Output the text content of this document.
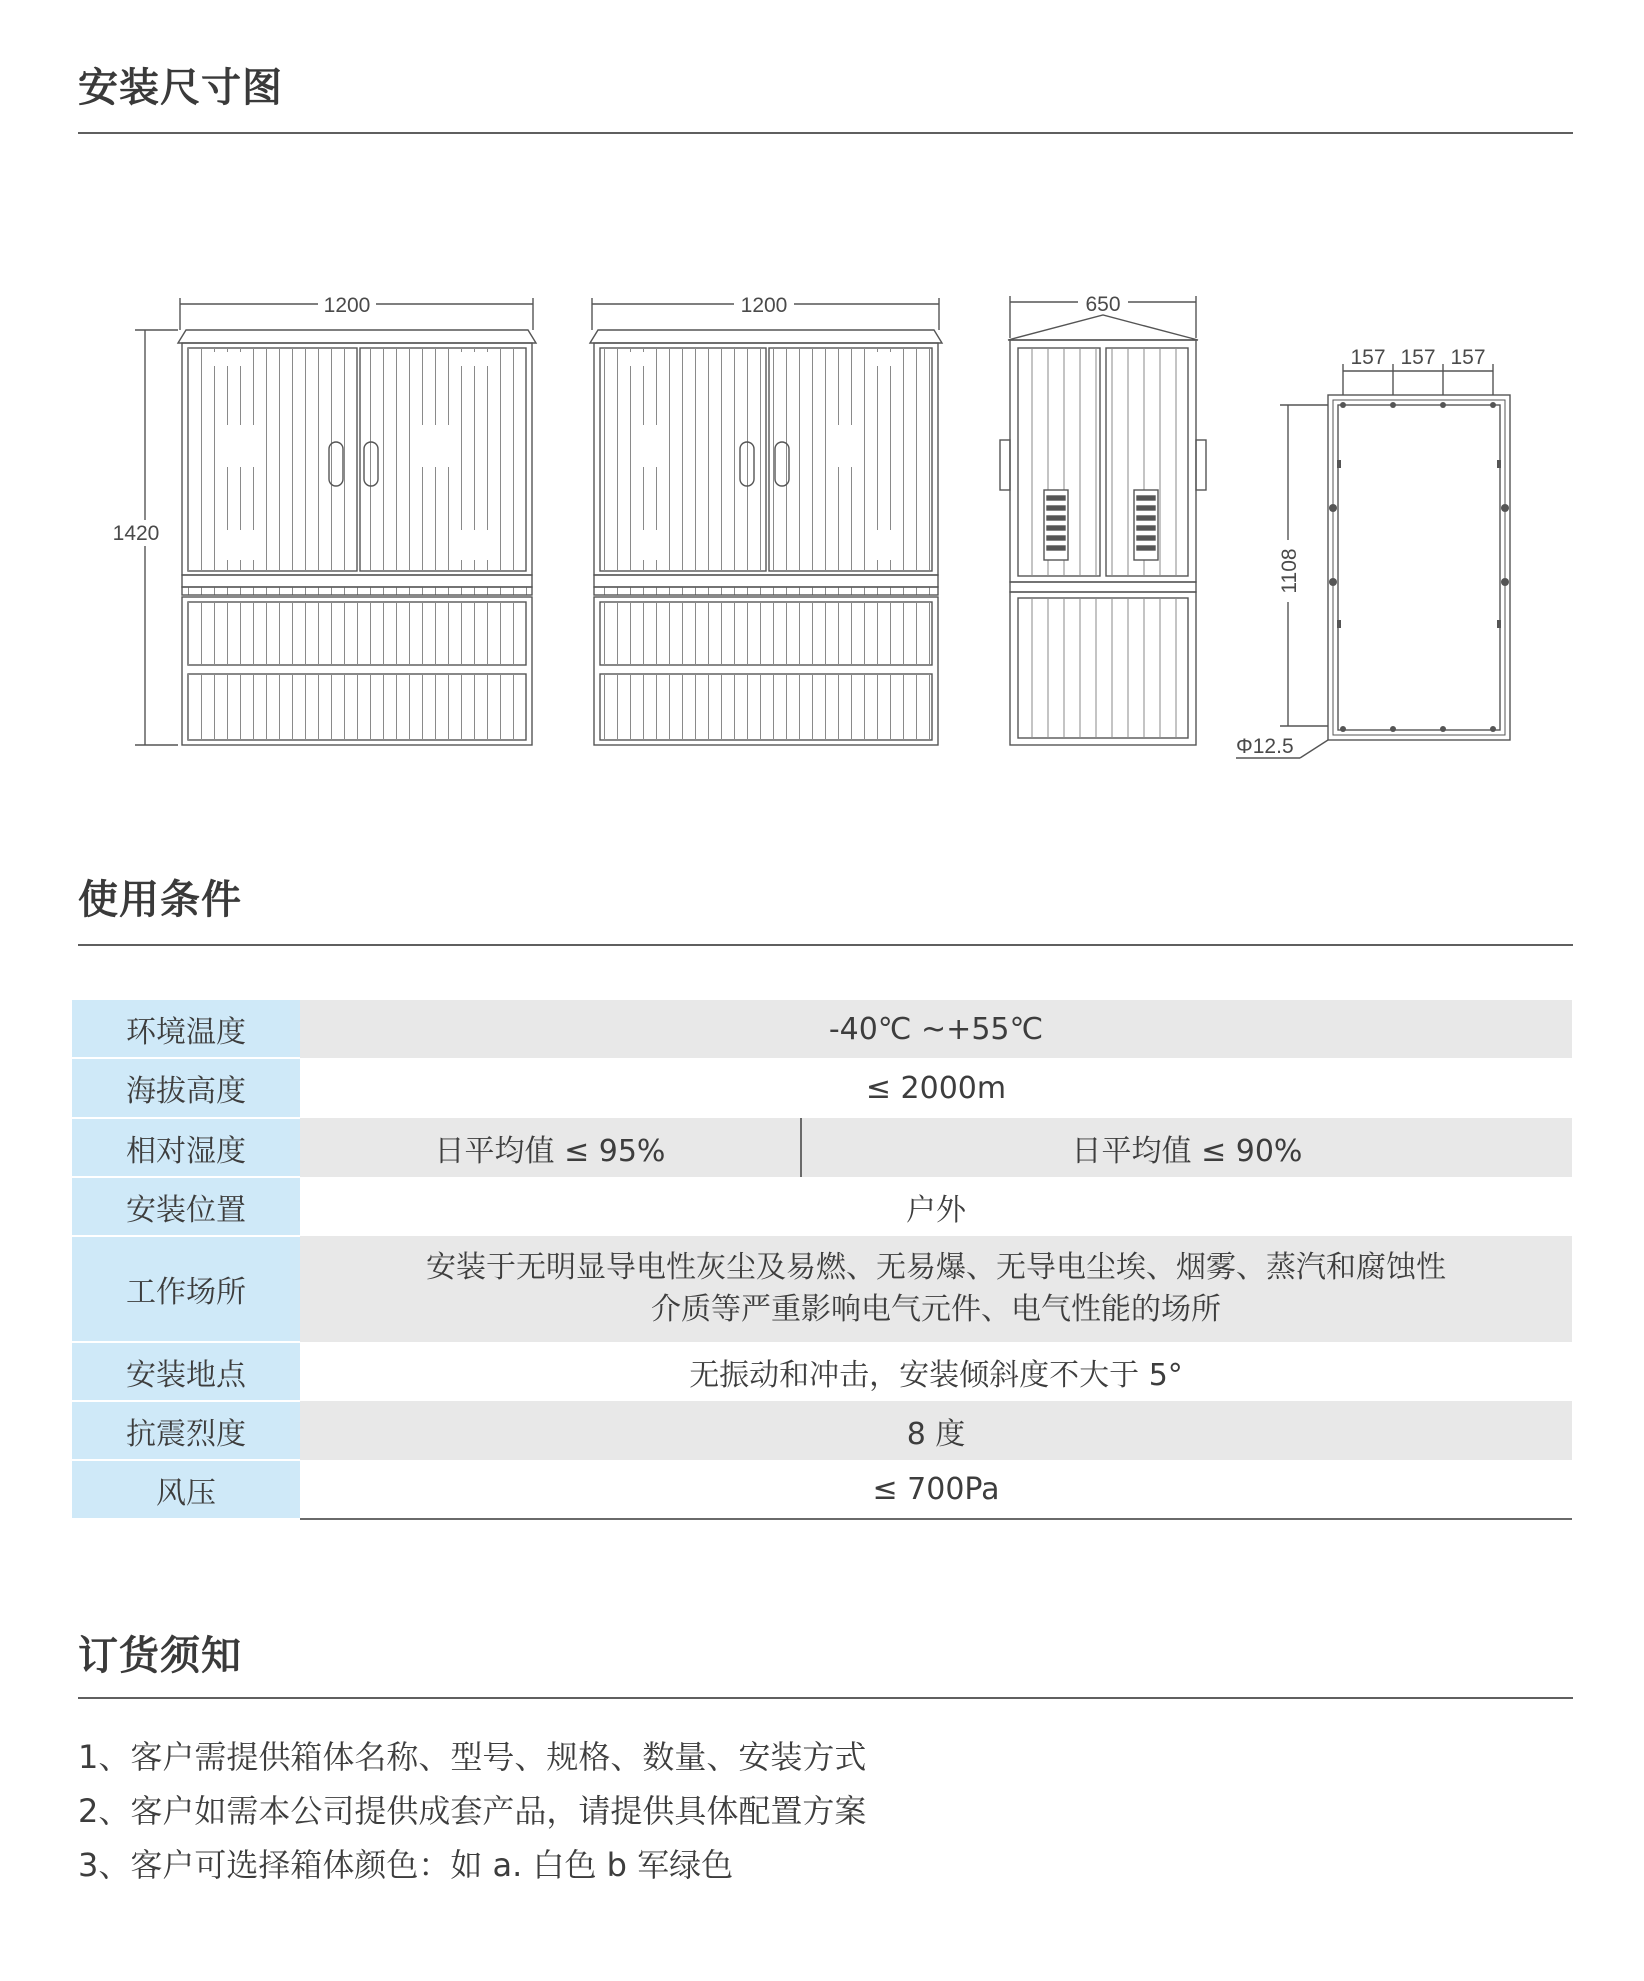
安装尺寸图
1200
1420
1200	650
157 157 157
1108
Φ12.5
使用条件
环境温度	-40℃ ~+55℃	
海拔高度	≤ 2000m	
相对湿度	日平均值 ≤ 95%	日平均值 ≤ 90%
安装位置	户外	
工作场所	安装于无明显导电性灰尘及易燃、无易爆、无导电尘埃、烟雾、蒸汽和腐蚀性
介质等严重影响电气元件、电气性能的场所	

安装地点	无振动和冲击，安装倾斜度不大于 5°	
抗震烈度	8 度	
风压	≤ 700Pa	
订货须知
1、客户需提供箱体名称、型号、规格、数量、安装方式
2、客户如需本公司提供成套产品，请提供具体配置方案
3、客户可选择箱体颜色：如 a. 白色 b 军绿色
